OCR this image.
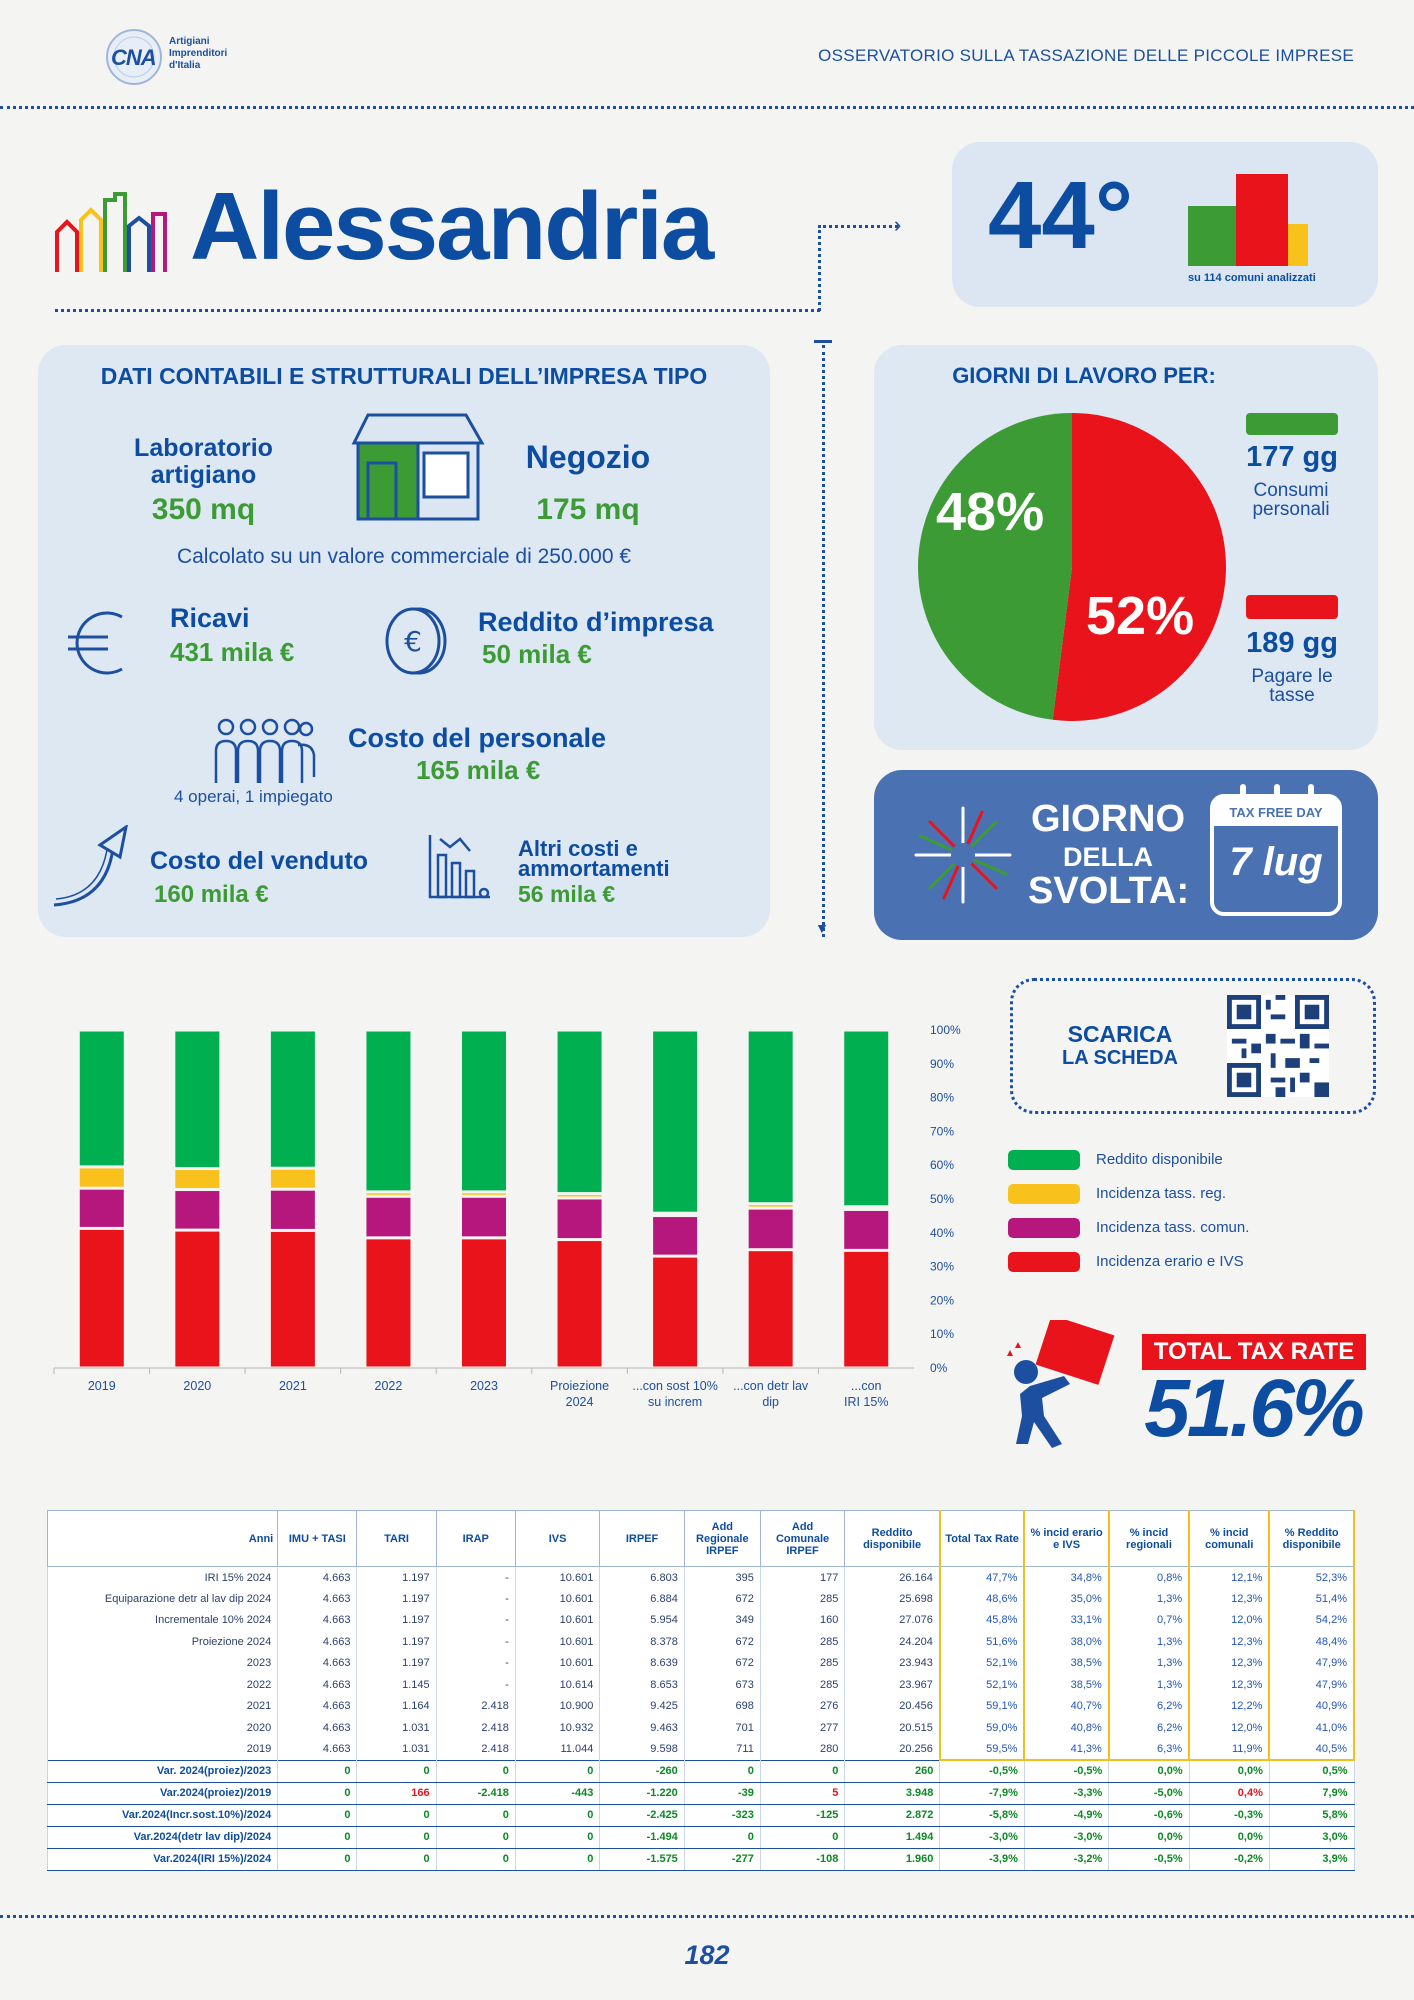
CNA
Artigiani
Imprenditori
d'Italia
OSSERVATORIO SULLA TASSAZIONE DELLE PICCOLE IMPRESE
Alessandria	› 44°
su 114 comuni analizzati
DATI CONTABILI E STRUTTURALI DELL’IMPRESA TIPO
Laboratorio artigiano
350 mq
Negozio
175 mq
Calcolato su un valore commerciale di 250.000 €
Ricavi
431 mila €	€
Reddito d’impresa
50 mila €
Costo del personale
165 mila €
4 operai, 1 impiegato
Costo del venduto
160 mila €
Altri costi e ammortamenti
56 mila €
▼
GIORNI DI LAVORO PER:
48%
52%
177 gg
Consumi personali
189 gg
Pagare le tasse
GIORNO
DELLA
SVOLTA:
TAX FREE DAY
7 lug
SCARICA
LA SCHEDA
0%
10%
20%
30%
40%
50%
60%
70%
80%
90%
100%
2019	2020	2021	2022	2023	Proiezione 2024
...con sost 10% su increm
...con detr lav dip
...con IRI 15%
Reddito disponibile
Incidenza tass. reg.
Incidenza tass. comun.
Incidenza erario e IVS
TOTAL TAX RATE
51.6%
Anni	IMU + TASI	TARI	IRAP	IVS	IRPEF	Add Regionale IRPEF	Add Comunale IRPEF	Reddito disponibile	Total Tax Rate	% incid erario e IVS	% incid regionali	% incid comunali	% Reddito disponibile
IRI 15% 2024	4.663	1.197	-	10.601	6.803	395	177	26.164	47,7%	34,8%	0,8%	12,1%	52,3%
Equiparazione detr al lav dip 2024	4.663	1.197	-	10.601	6.884	672	285	25.698	48,6%	35,0%	1,3%	12,3%	51,4%
Incrementale 10% 2024	4.663	1.197	-	10.601	5.954	349	160	27.076	45,8%	33,1%	0,7%	12,0%	54,2%
Proiezione 2024	4.663	1.197	-	10.601	8.378	672	285	24.204	51,6%	38,0%	1,3%	12,3%	48,4%
2023	4.663	1.197	-	10.601	8.639	672	285	23.943	52,1%	38,5%	1,3%	12,3%	47,9%
2022	4.663	1.145	-	10.614	8.653	673	285	23.967	52,1%	38,5%	1,3%	12,3%	47,9%
2021	4.663	1.164	2.418	10.900	9.425	698	276	20.456	59,1%	40,7%	6,2%	12,2%	40,9%
2020	4.663	1.031	2.418	10.932	9.463	701	277	20.515	59,0%	40,8%	6,2%	12,0%	41,0%
2019	4.663	1.031	2.418	11.044	9.598	711	280	20.256	59,5%	41,3%	6,3%	11,9%	40,5%
Var. 2024(proiez)/2023	0	0	0	0	-260	0	0	260	-0,5%	-0,5%	0,0%	0,0%	0,5%
Var.2024(proiez)/2019	0	166	-2.418	-443	-1.220	-39	5	3.948	-7,9%	-3,3%	-5,0%	0,4%	7,9%
Var.2024(Incr.sost.10%)/2024	0	0	0	0	-2.425	-323	-125	2.872	-5,8%	-4,9%	-0,6%	-0,3%	5,8%
Var.2024(detr lav dip)/2024	0	0	0	0	-1.494	0	0	1.494	-3,0%	-3,0%	0,0%	0,0%	3,0%
Var.2024(IRI 15%)/2024	0	0	0	0	-1.575	-277	-108	1.960	-3,9%	-3,2%	-0,5%	-0,2%	3,9%
182
